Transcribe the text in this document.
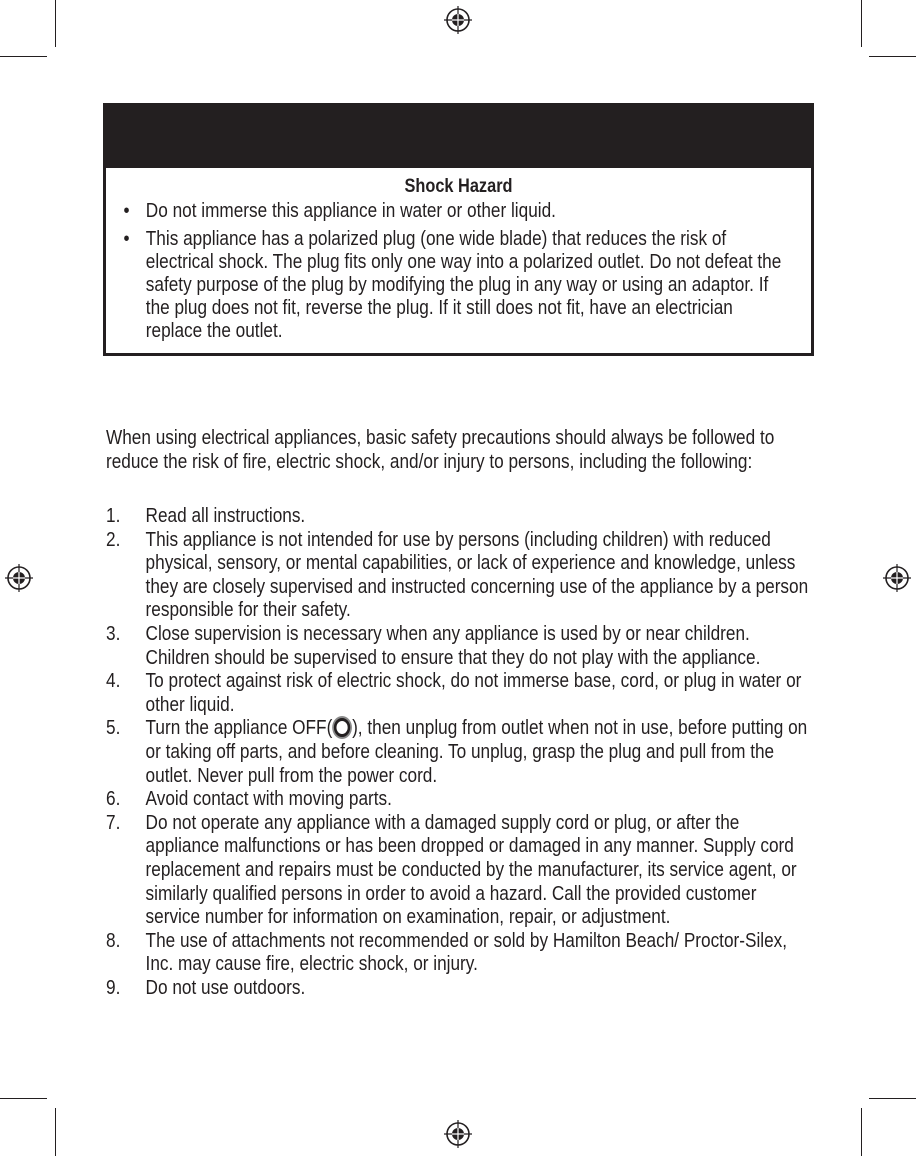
Shock Hazard
• Do not immerse this appliance in water or other liquid.
• This appliance has a polarized plug (one wide blade) that reduces the risk of electrical shock. The plug fits only one way into a polarized outlet. Do not defeat the safety purpose of the plug by modifying the plug in any way or using an adaptor. If the plug does not fit, reverse the plug. If it still does not fit, have an electrician replace the outlet.
When using electrical appliances, basic safety precautions should always be followed to reduce the risk of fire, electric shock, and/or injury to persons, including the following:
1. Read all instructions.
2. This appliance is not intended for use by persons (including children) with reduced physical, sensory, or mental capabilities, or lack of experience and knowledge, unless they are closely supervised and instructed concerning use of the appliance by a person responsible for their safety.
3. Close supervision is necessary when any appliance is used by or near children. Children should be supervised to ensure that they do not play with the appliance.
4. To protect against risk of electric shock, do not immerse base, cord, or plug in water or other liquid.
5. Turn the appliance OFF( ), then unplug from outlet when not in use, before putting on or taking off parts, and before cleaning. To unplug, grasp the plug and pull from the outlet. Never pull from the power cord.
6. Avoid contact with moving parts.
7. Do not operate any appliance with a damaged supply cord or plug, or after the appliance malfunctions or has been dropped or damaged in any manner. Supply cord replacement and repairs must be conducted by the manufacturer, its service agent, or similarly qualified persons in order to avoid a hazard. Call the provided customer service number for information on examination, repair, or adjustment.
8. The use of attachments not recommended or sold by Hamilton Beach/ Proctor-Silex, Inc. may cause fire, electric shock, or injury.
9. Do not use outdoors.
